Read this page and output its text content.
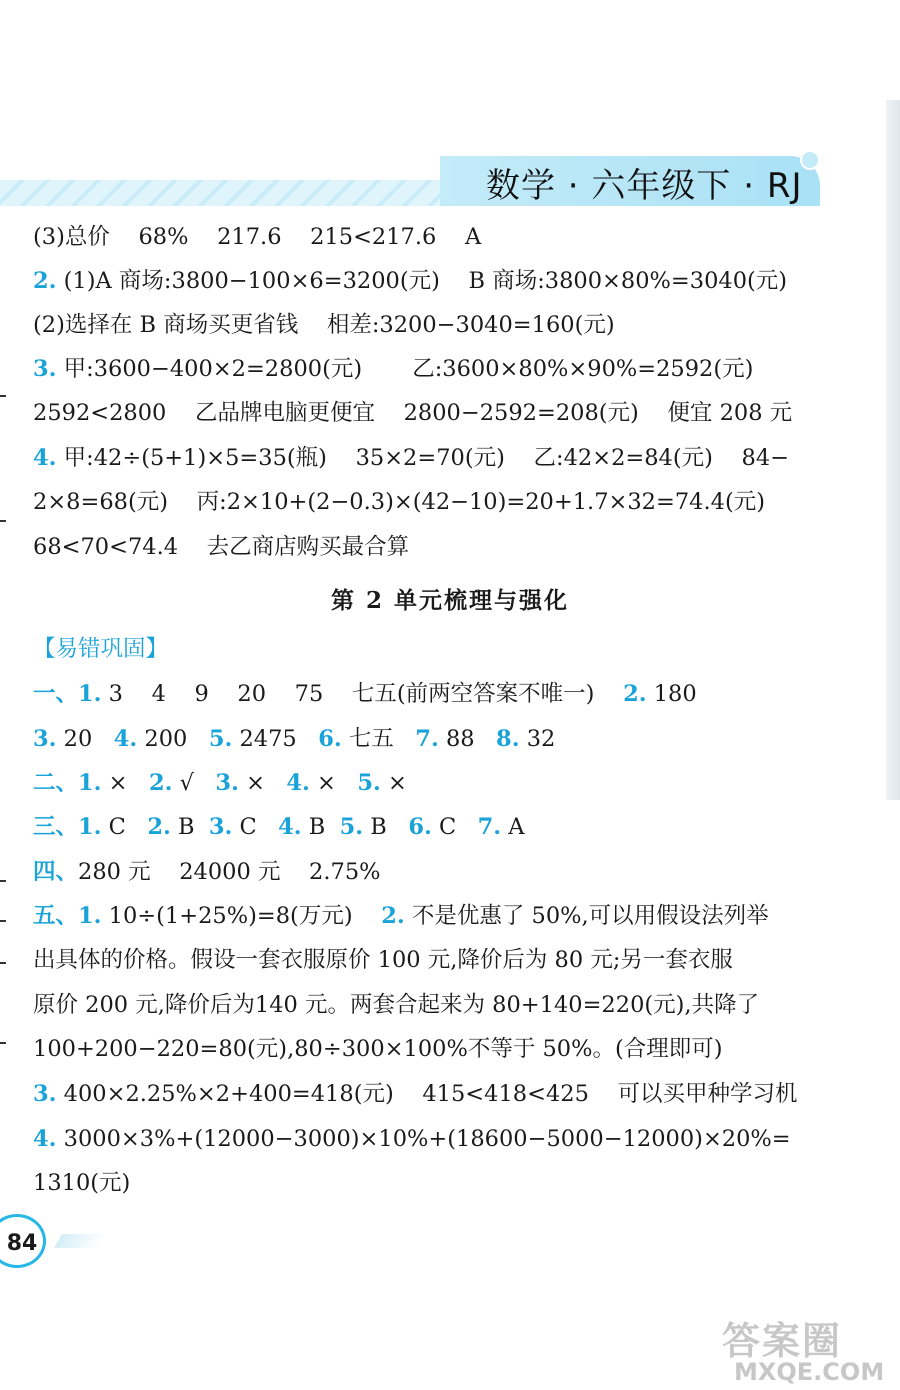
数学 · 六年级下 · RJ
(3)总价    68%    217.6    215<217.6    A
2. (1)A 商场:3800−100×6=3200(元)    B 商场:3800×80%=3040(元)
(2)选择在 B 商场买更省钱    相差:3200−3040=160(元)
3. 甲:3600−400×2=2800(元)       乙:3600×80%×90%=2592(元)
2592<2800    乙品牌电脑更便宜    2800−2592=208(元)    便宜 208 元
4. 甲:42÷(5+1)×5=35(瓶)    35×2=70(元)    乙:42×2=84(元)    84−
2×8=68(元)    丙:2×10+(2−0.3)×(42−10)=20+1.7×32=74.4(元)
68<70<74.4    去乙商店购买最合算
第 2 单元梳理与强化
【易错巩固】
一、1. 3    4    9    20    75    七五(前两空答案不唯一)    2. 180
3. 20   4. 200   5. 2475   6. 七五   7. 88   8. 32
二、1. ×   2. √   3. ×   4. ×   5. ×
三、1. C   2. B  3. C   4. B  5. B   6. C   7. A
四、280 元    24000 元    2.75%
五、1. 10÷(1+25%)=8(万元)    2. 不是优惠了 50%,可以用假设法列举
出具体的价格。假设一套衣服原价 100 元,降价后为 80 元;另一套衣服
原价 200 元,降价后为140 元。两套合起来为 80+140=220(元),共降了
100+200−220=80(元),80÷300×100%不等于 50%。(合理即可)
3. 400×2.25%×2+400=418(元)    415<418<425    可以买甲种学习机
4. 3000×3%+(12000−3000)×10%+(18600−5000−12000)×20%=
1310(元)
84
答案圈
MXQE.COM
